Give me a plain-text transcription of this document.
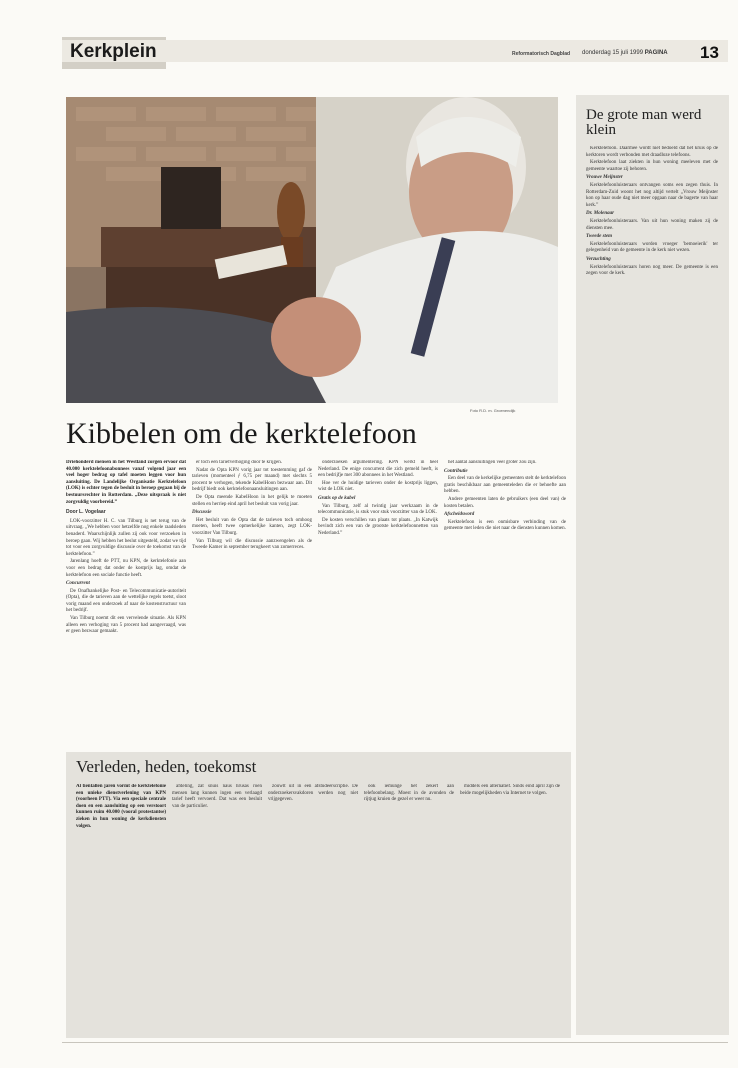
Kerkplein	Reformatorisch Dagblad donderdag 15 juli 1999 PAGINA 13
Foto R.D. m. Groenendijk
Kibbelen om de kerktelefoon
Driehonderd mensen in het Westland zorgen ervoor dat 40.000 kerktelefoonabonnees vanaf volgend jaar een veel hoger bedrag op tafel moeten leggen voor hun aansluiting. De Landelijke Organisatie Kerktelefoon (LOK) is echter tegen de besluit in beroep gegaan bij de bestuursrechter in Rotterdam. „Deze uitspraak is niet zorgvuldig voorbereid.”
Door L. Vogelaar

LOK-voorzitter H. C. van Tilburg is net terug van de uitvraag. „We hebben voor hetzelfde nog enkele raadsleden benaderd. Waarschijnlijk zullen zij ook voor verzoeken in beroep gaan. Wij hebben het beslut uitgesteld, zodat we tijd tot voor een zorgvuldige discussie over de toekomst van de kerktelefoon.”

Jarenlang hoeft de PTT, nu KPN, de kerktelefonie aan voor een bedrag dat onder de kostprijs lag, omdat de kerktelefoon een sociale functie heeft.

Concurrent

De Onafhankelijke Post- en Telecommunicatie-autoriteit (Opta), die de tarieven aan de wettelijke regels toetst, sloot vorig maand een onderzoek af naar de kostenstructuur van het bedrijf.

Van Tilburg noemt dit een vervelende situatie. Als KPN alleen een verhoging van 5 procent had aangevraagd, was er geen bezwaar gemaakt.

er toch een tariefverhoging door te krijgen.

Nadat de Opta KPN vorig jaar tot toestemming gaf de tarieven (momenteel ƒ 6,75 per maand) met slechts 5 procent te verhogen, tekende KabelHoon bezwaar aan. Dit bedrijf biedt ook kerktelefoonaansluitingen aan.

De Opta meende KabelHoon in het gelijk te moeten stellen en herriep eind april het besluit van vorig jaar.

Discussie

Het besluit van de Opta dat de tarieven toch omhoog moeten, heeft twee opmerkelijke kanten, zegt LOK-voorzitter Van Tilburg.

Van Tilburg wil die discussie aanzwengelen als de Tweede Kamer in september terugkeert van zomerreces.

onderzoeken argumentering. KPN werkt in heel Nederland. De enige concurrent die zich gemeld heeft, is een bedrijfje met 300 abonnees in het Westland.

Hoe ver de huidige tarieven onder de kostprijs liggen, wist de LOK niet.

Gratis op de kabel

Van Tilburg, zelf al twintig jaar werkzaam in de telecommunicatie, is stuk voor stuk voorzitter van de LOK.

De kosten verschillen van plaats tot plaats. „In Katwijk bevindt zich een van de grootste kerktelefoonnetten van Nederland.”

het aantal aansluitingen veel groter zou zijn.

Contributie

Een deel van de kerkelijke gemeenten stelt de kerktelefoon gratis beschikbaar aan gemeenteleden die er behoefte aan hebben.

Andere gemeenten laten de gebruikers (een deel van) de kosten betalen.

Afscheidsword

Kerktelefoon is een onmisbare verbinding van de gemeente met leden die niet naar de diensten kunnen komen.

De grote man werd klein

Kerktelefoon. Daarmee wordt niet bedoeld dat het kruis op de kerktoren wordt verbonden met draadloze telefoons.

Kerktelefoon laat ziekten in hun woning meeleven met de gemeente waartoe zij behoren.

Vrouwe Meijnster

Kerktelefoonluisteraars ontvangen soms een zegen thuis. In Rotterdam-Zuid woont het nog altijd vertelt „Vrouw Meijnster kon op haar oude dag niet meer opgaan naar de bagerte van haar kerk.”

Dr. Molenaar

Kerktelefoonluisteraars. Van uit hun woning maken zij de diensten mee.

Tweede stem

Kerktelefoonluisteraars worden vroeger 'bemoeierik' ter gelegenheid van de gemeente in de kerk niet wezen.

Verzuchting

Kerktelefoonluisteraars horen nog meer. De gemeente is een zegen voor de kerk.

Verleden, heden, toekomst
Al tientallen jaren vormt de kerktelefonie een unieke dienstverlening van KPN (voorheen PTT). Via een speciale centrale doen en een aansluiting op een verstoort kunnen ruim 40.000 (vooral protestantse) zieken in hun woning de kerkdiensten volgen.

afdeling, zat snuis naus hrusas roen mensen lang kunnen ingen een verlaagd tarief heeft vervoerd. Dat was een besluit van de particulier.

zouwlt uit in een afstudeerscriptie. De onderzoekersvakdoren werden nog niet vrijgegeven.

ook iemunge het zekert aan telefoonbelang. Moest in de avonden de rijtjug kruien de gezel er weer nu.

middels een alternatief. Sinds eind april zijn de beide mogelijkheden via Internet te volgen.
